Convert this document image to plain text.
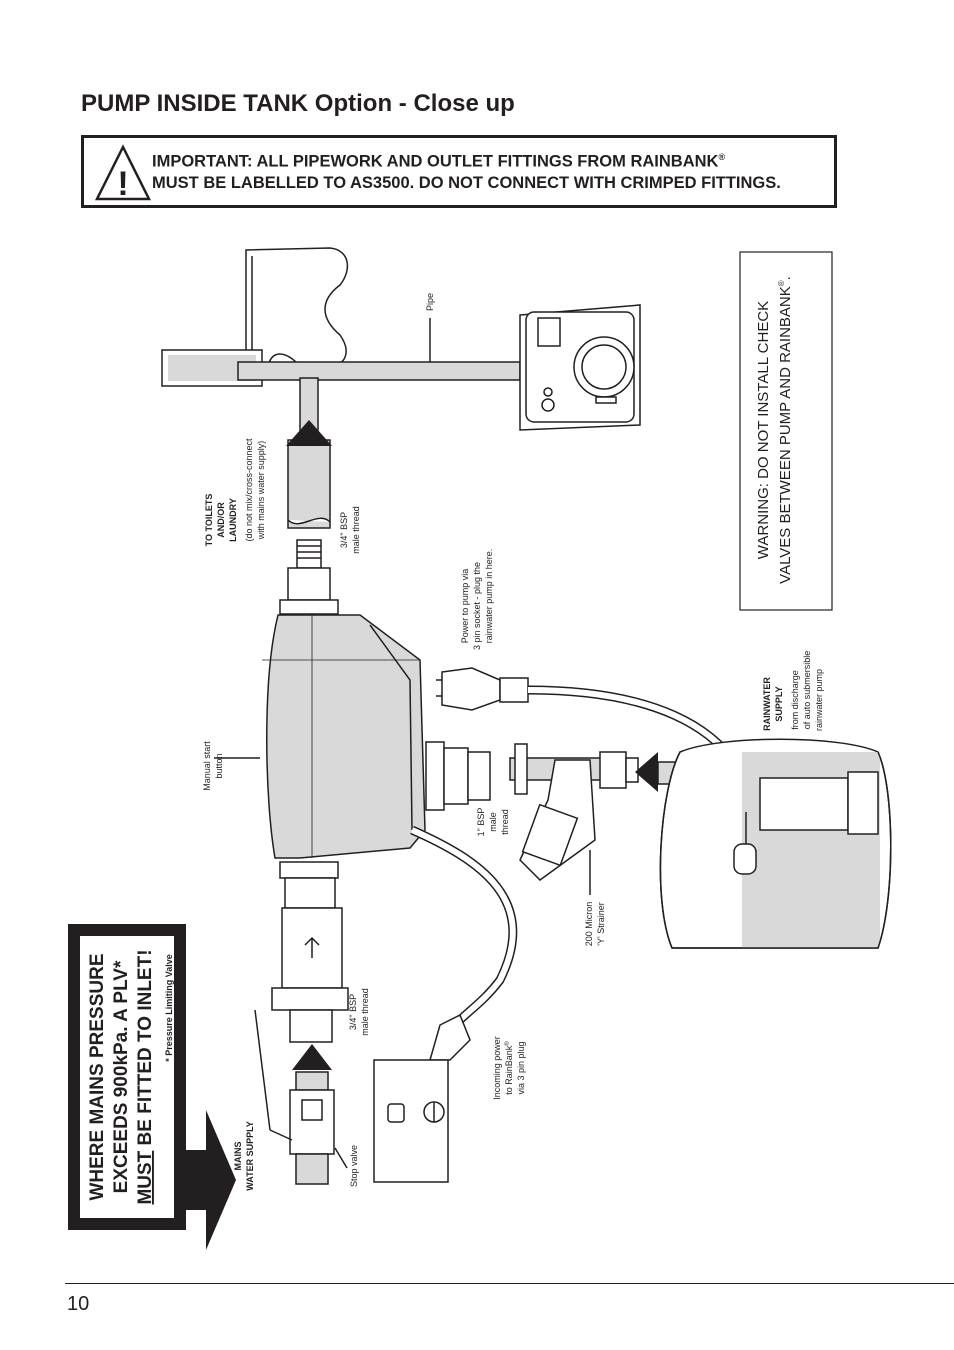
PUMP INSIDE TANK Option - Close up
!
IMPORTANT: ALL PIPEWORK AND OUTLET FITTINGS FROM RAINBANK®
MUST BE LABELLED TO AS3500. DO NOT CONNECT WITH CRIMPED FITTINGS.
TO TOILETS AND/OR LAUNDRY (do not mix/cross-connect with mains water supply)	3/4" BSP male thread
Pipe
Power to pump via 3 pin socket - plug the rainwater pump in here.
Manual start button
1" BSP male thread
200 Micron 'Y' Strainer
Incoming power to RainBank® via 3 pin plug
3/4" BSP male thread
Stop valve
MAINS WATER SUPPLY
RAINWATER SUPPLY from discharge of auto submersible rainwater pump
WARNING: DO NOT INSTALL CHECK VALVES BETWEEN PUMP AND RAINBANK®.
WHERE MAINS PRESSURE EXCEEDS 900kPa. A PLV* MUST BE FITTED TO INLET! * Pressure Limiting Valve
10
